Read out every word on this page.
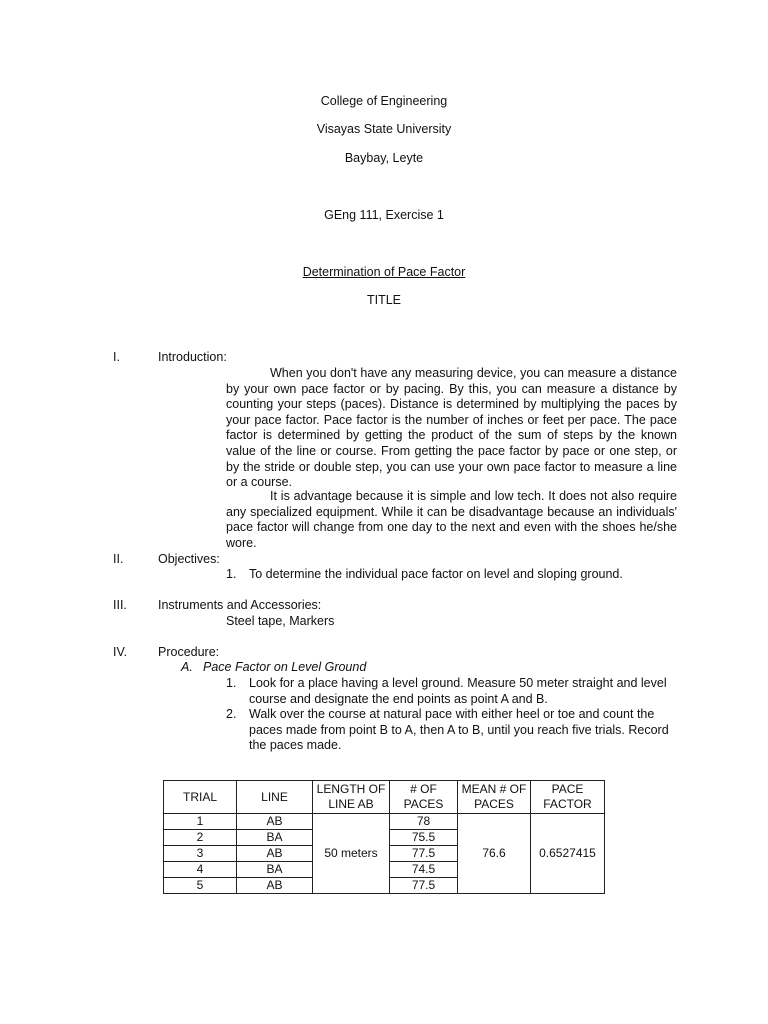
College of Engineering
Visayas State University
Baybay, Leyte
GEng 111, Exercise 1
Determination of Pace Factor
TITLE
I.	Introduction:
When you don't have any measuring device, you can measure a distance by your own pace factor or by pacing. By this, you can measure a distance by counting your steps (paces). Distance is determined by multiplying the paces by your pace factor. Pace factor is the number of inches or feet per pace. The pace factor is determined by getting the product of the sum of steps by the known value of the line or course. From getting the pace factor by pace or one step, or by the stride or double step, you can use your own pace factor to measure a line or a course.
It is advantage because it is simple and low tech. It does not also require any specialized equipment. While it can be disadvantage because an individuals' pace factor will change from one day to the next and even with the shoes he/she wore.
II.	Objectives:
1. To determine the individual pace factor on level and sloping ground.
III. Instruments and Accessories:
Steel tape, Markers
IV. Procedure:
A. Pace Factor on Level Ground
1. Look for a place having a level ground. Measure 50 meter straight and level course and designate the end points as point A and B.
2. Walk over the course at natural pace with either heel or toe and count the paces made from point B to A, then A to B, until you reach five trials. Record the paces made.
TRIAL	LINE	LENGTH OF LINE AB	# OF PACES	MEAN # OF PACES	PACE FACTOR
1	AB	50 meters	78	76.6	0.6527415
2	BA		75.5		
3	AB		77.5		
4	BA		74.5		
5	AB		77.5		
